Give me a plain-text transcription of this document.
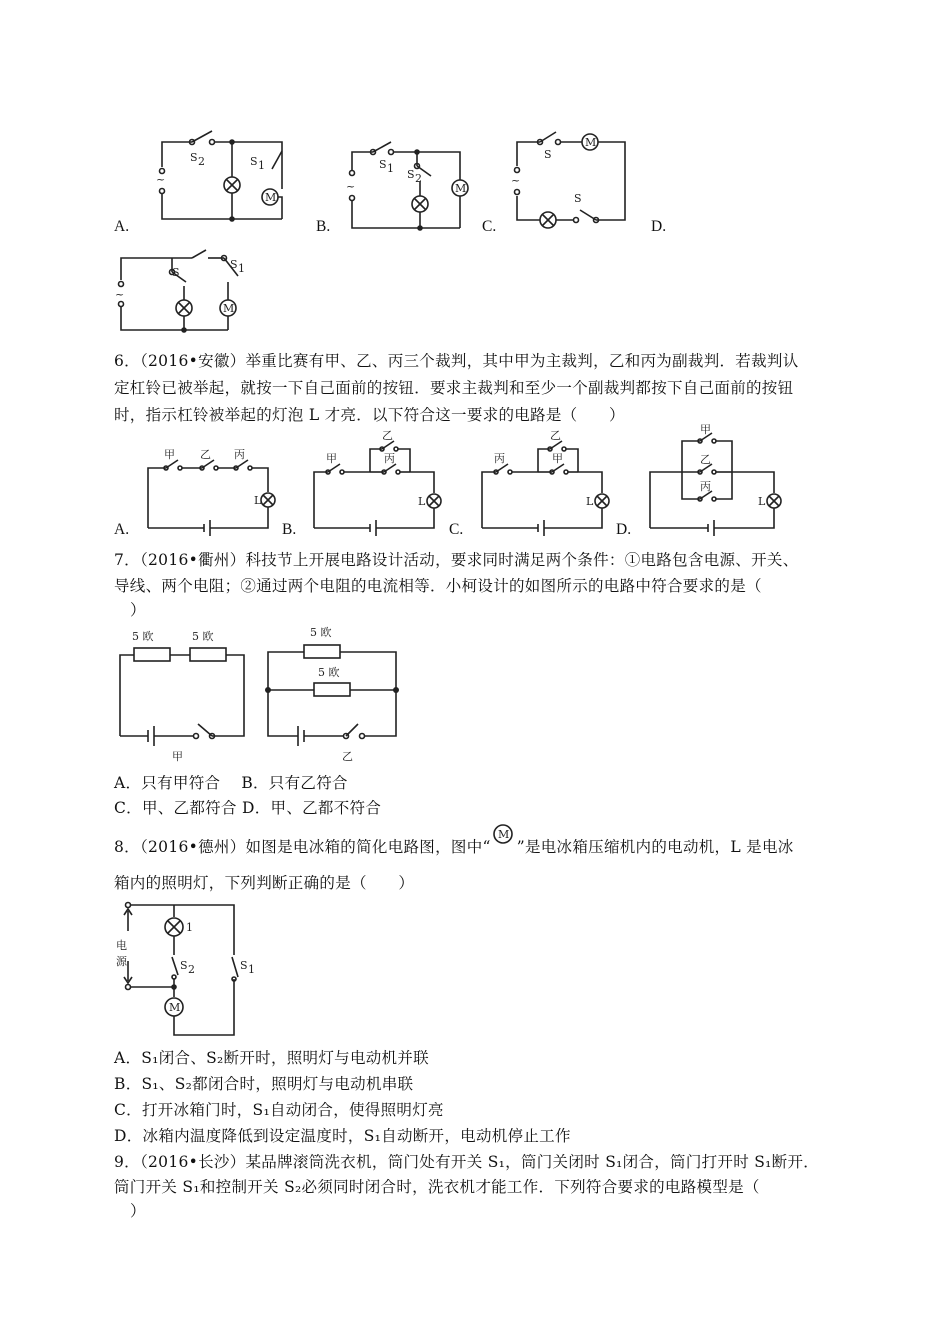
A.	B.	C.	D.
~
M
S 2	S 1
~	M
S 1 S 2
M
~
S
S
M
~
S
S 1
6．（2016•安徽）举重比赛有甲、乙、丙三个裁判，其中甲为主裁判，乙和丙为副裁判．若裁判认
定杠铃已被举起，就按一下自己面前的按钮．要求主裁判和至少一个副裁判都按下自己面前的按钮
时，指示杠铃被举起的灯泡 L 才亮．以下符合这一要求的电路是（　　）
A.	B.	C.	D.
甲 乙 丙
L
甲
乙
丙
L
丙
乙
甲
L
甲
乙
丙
L
7．（2016•衢州）科技节上开展电路设计活动，要求同时满足两个条件：①电路包含电源、开关、
导线、两个电阻；②通过两个电阻的电流相等．小柯设计的如图所示的电路中符合要求的是（
）
5 欧	5 欧
甲
5 欧
5 欧
乙
A．只有甲符合　 B．只有乙符合
C．甲、乙都符合 D．甲、乙都不符合
8．（2016•德州）如图是电冰箱的简化电路图，图中“
M
”是电冰箱压缩机内的电动机，L 是电冰
箱内的照明灯，下列判断正确的是（　　）
电
源
M
1
S 2	S 1
A．S₁闭合、S₂断开时，照明灯与电动机并联
B．S₁、S₂都闭合时，照明灯与电动机串联
C．打开冰箱门时，S₁自动闭合，使得照明灯亮
D．冰箱内温度降低到设定温度时，S₁自动断开，电动机停止工作
9．（2016•长沙）某品牌滚筒洗衣机，筒门处有开关 S₁，筒门关闭时 S₁闭合，筒门打开时 S₁断开．
筒门开关 S₁和控制开关 S₂必须同时闭合时，洗衣机才能工作．下列符合要求的电路模型是（
）
